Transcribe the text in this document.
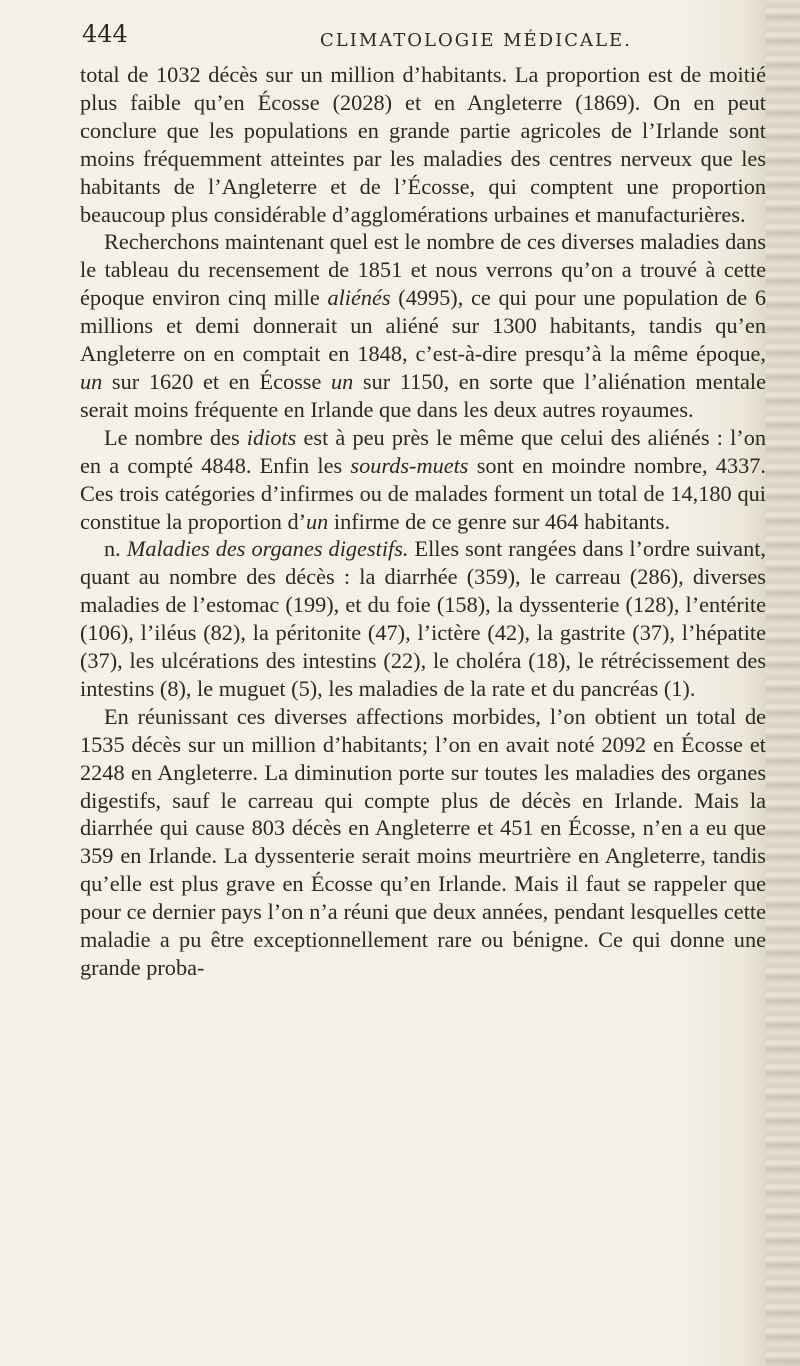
444	CLIMATOLOGIE MÉDICALE.

total de 1032 décès sur un million d’habitants. La proportion est de moitié plus faible qu’en Écosse (2028) et en Angleterre (1869). On en peut conclure que les populations en grande partie agricoles de l’Irlande sont moins fréquemment atteintes par les maladies des centres nerveux que les habitants de l’Angleterre et de l’Écosse, qui comptent une proportion beaucoup plus considérable d’agglomérations urbaines et manufacturières.

Recherchons maintenant quel est le nombre de ces diverses maladies dans le tableau du recensement de 1851 et nous verrons qu’on a trouvé à cette époque environ cinq mille aliénés (4995), ce qui pour une population de 6 millions et demi donnerait un aliéné sur 1300 habitants, tandis qu’en Angleterre on en comptait en 1848, c’est-à-dire presqu’à la même époque, un sur 1620 et en Écosse un sur 1150, en sorte que l’aliénation mentale serait moins fréquente en Irlande que dans les deux autres royaumes.

Le nombre des idiots est à peu près le même que celui des aliénés : l’on en a compté 4848. Enfin les sourds-muets sont en moindre nombre, 4337. Ces trois catégories d’infirmes ou de malades forment un total de 14,180 qui constitue la proportion d’un infirme de ce genre sur 464 habitants.

n. Maladies des organes digestifs. Elles sont rangées dans l’ordre suivant, quant au nombre des décès : la diarrhée (359), le carreau (286), diverses maladies de l’estomac (199), et du foie (158), la dyssenterie (128), l’entérite (106), l’iléus (82), la péritonite (47), l’ictère (42), la gastrite (37), l’hépatite (37), les ulcérations des intestins (22), le choléra (18), le rétrécissement des intestins (8), le muguet (5), les maladies de la rate et du pancréas (1).

En réunissant ces diverses affections morbides, l’on obtient un total de 1535 décès sur un million d’habitants; l’on en avait noté 2092 en Écosse et 2248 en Angleterre. La diminution porte sur toutes les maladies des organes digestifs, sauf le carreau qui compte plus de décès en Irlande. Mais la diarrhée qui cause 803 décès en Angleterre et 451 en Écosse, n’en a eu que 359 en Irlande. La dyssenterie serait moins meurtrière en Angleterre, tandis qu’elle est plus grave en Écosse qu’en Irlande. Mais il faut se rappeler que pour ce dernier pays l’on n’a réuni que deux années, pendant lesquelles cette maladie a pu être exceptionnellement rare ou bénigne. Ce qui donne une grande proba-
